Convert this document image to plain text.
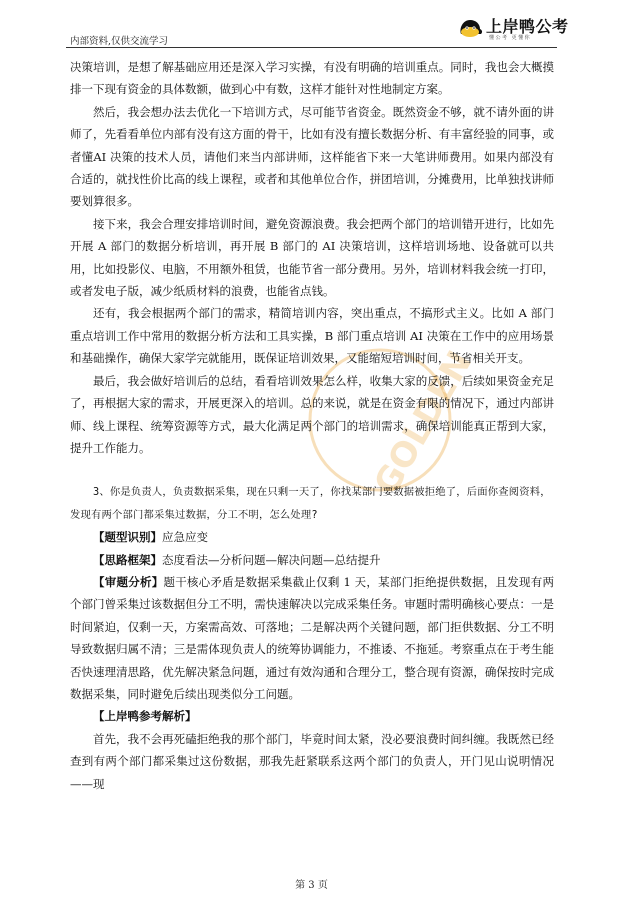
内部资料,仅供交流学习
上岸鸭公考
懂公考 更懂你
GOLDEN

决策培训，是想了解基础应用还是深入学习实操，有没有明确的培训重点。同时，我也会大概摸排一下现有资金的具体数额，做到心中有数，这样才能针对性地制定方案。

然后，我会想办法去优化一下培训方式，尽可能节省资金。既然资金不够，就不请外面的讲师了，先看看单位内部有没有这方面的骨干，比如有没有擅长数据分析、有丰富经验的同事，或者懂AI 决策的技术人员，请他们来当内部讲师，这样能省下来一大笔讲师费用。如果内部没有合适的，就找性价比高的线上课程，或者和其他单位合作，拼团培训，分摊费用，比单独找讲师要划算很多。

接下来，我会合理安排培训时间，避免资源浪费。我会把两个部门的培训错开进行，比如先开展 A 部门的数据分析培训，再开展 B 部门的 AI 决策培训，这样培训场地、设备就可以共用，比如投影仪、电脑，不用额外租赁，也能节省一部分费用。另外，培训材料我会统一打印，或者发电子版，减少纸质材料的浪费，也能省点钱。

还有，我会根据两个部门的需求，精简培训内容，突出重点，不搞形式主义。比如 A 部门重点培训工作中常用的数据分析方法和工具实操，B 部门重点培训 AI 决策在工作中的应用场景和基础操作，确保大家学完就能用，既保证培训效果，又能缩短培训时间，节省相关开支。

最后，我会做好培训后的总结，看看培训效果怎么样，收集大家的反馈，后续如果资金充足了，再根据大家的需求，开展更深入的培训。总的来说，就是在资金有限的情况下，通过内部讲师、线上课程、统筹资源等方式，最大化满足两个部门的培训需求，确保培训能真正帮到大家，提升工作能力。

3、你是负责人，负责数据采集，现在只剩一天了，你找某部门要数据被拒绝了，后面你查阅资料，发现有两个部门都采集过数据，分工不明，怎么处理?

【题型识别】应急应变

【思路框架】态度看法—分析问题—解决问题—总结提升

【审题分析】题干核心矛盾是数据采集截止仅剩 1 天，某部门拒绝提供数据，且发现有两个部门曾采集过该数据但分工不明，需快速解决以完成采集任务。审题时需明确核心要点：一是时间紧迫，仅剩一天，方案需高效、可落地；二是解决两个关键问题，部门拒供数据、分工不明导致数据归属不清；三是需体现负责人的统筹协调能力，不推诿、不拖延。考察重点在于考生能否快速理清思路，优先解决紧急问题，通过有效沟通和合理分工，整合现有资源，确保按时完成数据采集，同时避免后续出现类似分工问题。

【上岸鸭参考解析】

首先，我不会再死磕拒绝我的那个部门，毕竟时间太紧，没必要浪费时间纠缠。我既然已经查到有两个部门都采集过这份数据，那我先赶紧联系这两个部门的负责人，开门见山说明情况——现

第 3 页
